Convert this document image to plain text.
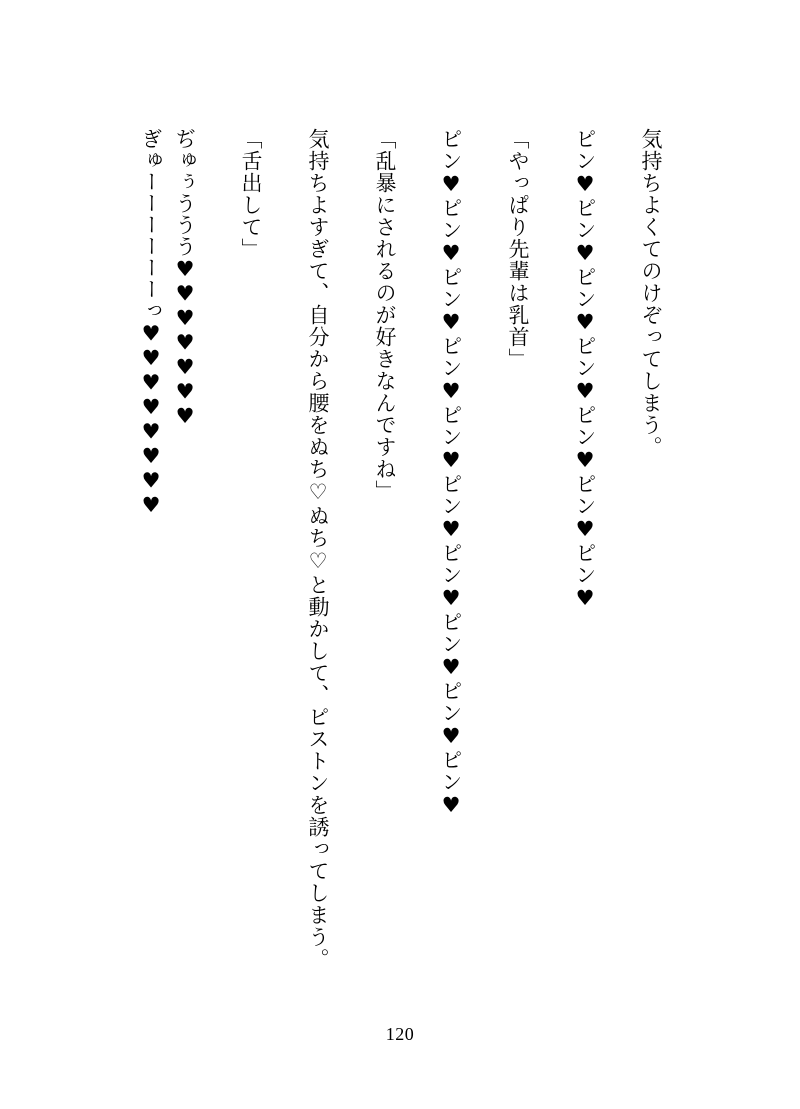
気持ちよくてのけぞってしまう。
ピン♥ピン♥ピン♥ピン♥ピン♥ピン♥ピン♥
「やっぱり先輩は乳首」
ピン♥ピン♥ピン♥ピン♥ピン♥ピン♥ピン♥ピン♥ピン♥ピン♥
「乱暴にされるのが好きなんですね」
気持ちよすぎて、自分から腰をぬち♡ぬち♡と動かして、ピストンを誘ってしまう。
「舌出して」
ぢゅぅううう♥♥♥♥♥♥♥
ぎゅーーーーーーっ♥♥♥♥♥♥♥♥
120
